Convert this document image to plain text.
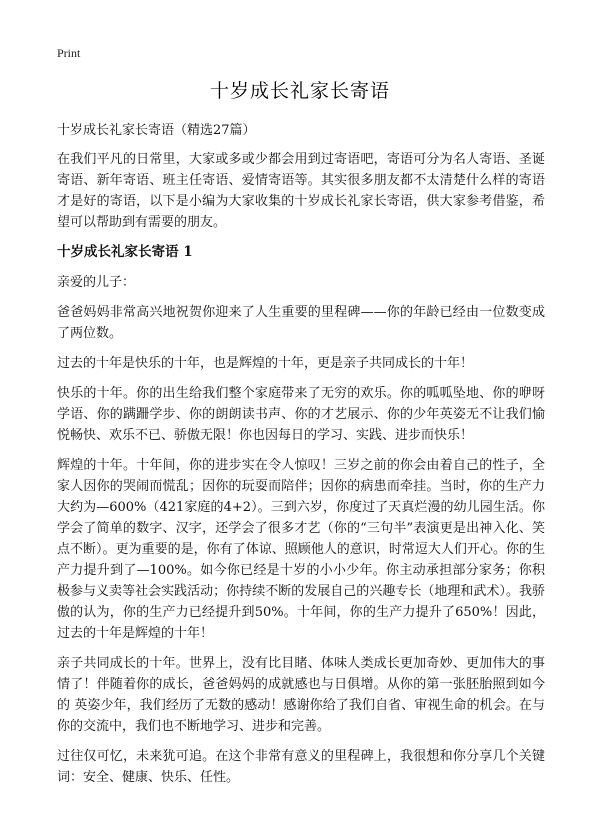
Print
十岁成长礼家长寄语

十岁成长礼家长寄语（精选27篇）

在我们平凡的日常里，大家或多或少都会用到过寄语吧，寄语可分为名人寄语、圣诞寄语、新年寄语、班主任寄语、爱情寄语等。其实很多朋友都不太清楚什么样的寄语才是好的寄语，以下是小编为大家收集的十岁成长礼家长寄语，供大家参考借鉴，希望可以帮助到有需要的朋友。

十岁成长礼家长寄语 1

亲爱的儿子：

爸爸妈妈非常高兴地祝贺你迎来了人生重要的里程碑——你的年龄已经由一位数变成了两位数。

过去的十年是快乐的十年，也是辉煌的十年，更是亲子共同成长的十年！

快乐的十年。你的出生给我们整个家庭带来了无穷的欢乐。你的呱呱坠地、你的咿呀学语、你的蹒跚学步、你的朗朗读书声、你的才艺展示、你的少年英姿无不让我们愉悦畅快、欢乐不已、骄傲无限！你也因每日的学习、实践、进步而快乐！

辉煌的十年。十年间，你的进步实在令人惊叹！三岁之前的你会由着自己的性子，全家人因你的哭闹而慌乱；因你的玩耍而陪伴；因你的病患而牵挂。当时，你的生产力大约为—600%（421家庭的4+2）。三到六岁，你度过了天真烂漫的幼儿园生活。你学会了简单的数字、汉字，还学会了很多才艺（你的“三句半”表演更是出神入化、笑点不断）。更为重要的是，你有了体谅、照顾他人的意识，时常逗大人们开心。你的生产力提升到了—100%。如今你已经是十岁的小小少年。你主动承担部分家务；你积极参与义卖等社会实践活动；你持续不断的发展自己的兴趣专长（地理和武术）。我骄傲的认为，你的生产力已经提升到50%。十年间，你的生产力提升了650%！因此，过去的十年是辉煌的十年！

亲子共同成长的十年。世界上，没有比目睹、体味人类成长更加奇妙、更加伟大的事情了！伴随着你的成长，爸爸妈妈的成就感也与日俱增。从你的第一张胚胎照到如今的 英姿少年，我们经历了无数的感动！感谢你给了我们自省、审视生命的机会。在与你的交流中，我们也不断地学习、进步和完善。

过往仅可忆，未来犹可追。在这个非常有意义的里程碑上，我很想和你分享几个关键词：安全、健康、快乐、任性。
